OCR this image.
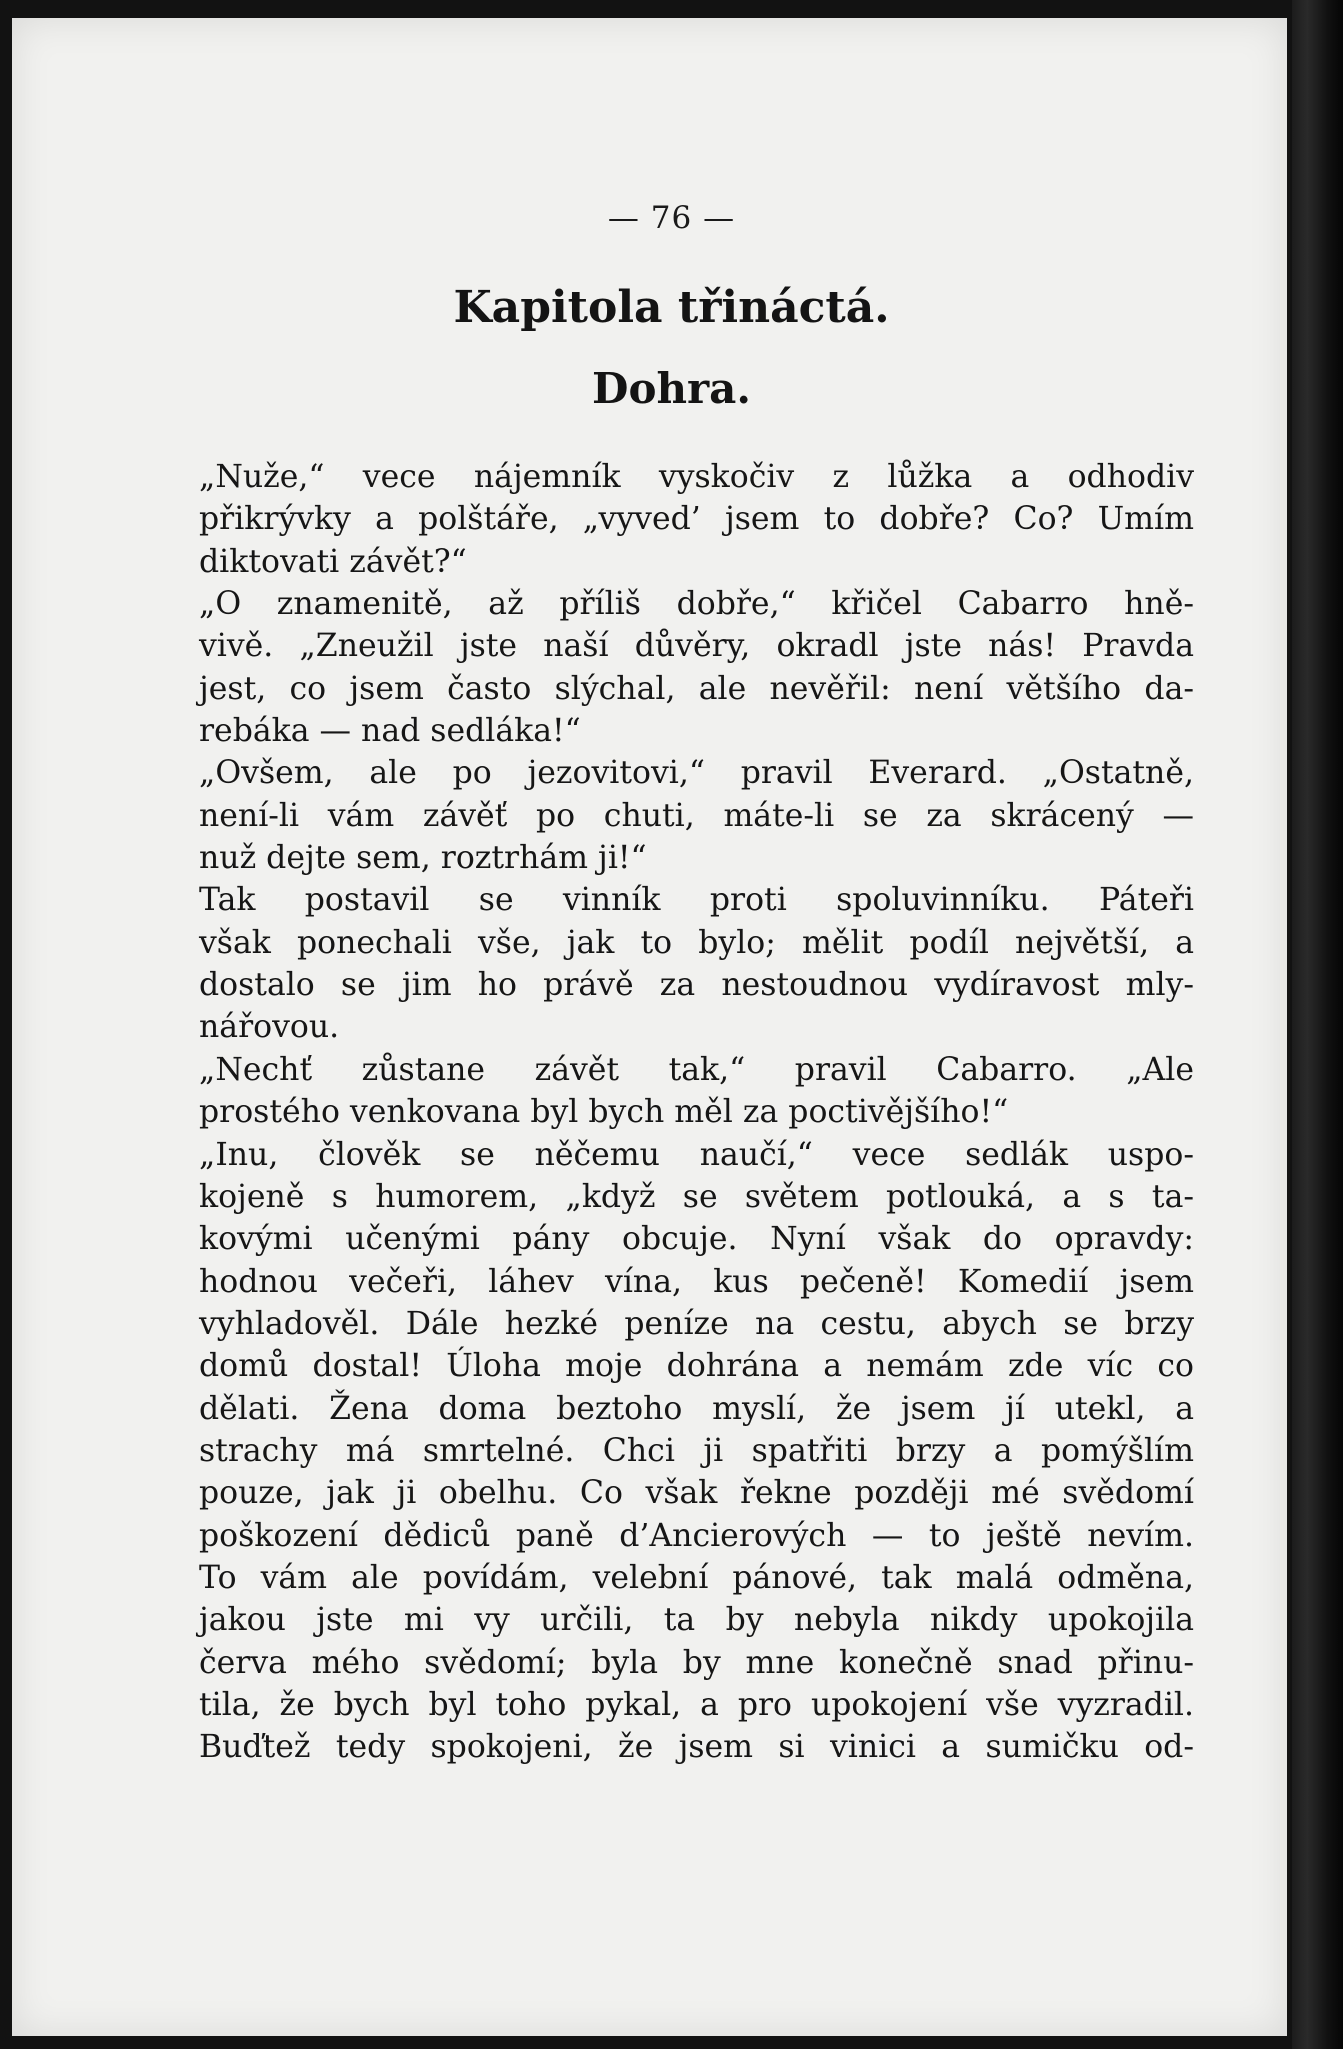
— 76 —
Kapitola třináctá.
Dohra.
„Nuže,“ vece nájemník vyskočiv z lůžka a odhodiv
přikrývky a polštáře, „vyved’ jsem to dobře? Co? Umím
diktovati závět?“
„O znamenitě, až příliš dobře,“ křičel Cabarro hně-
vivě. „Zneužil jste naší důvěry, okradl jste nás! Pravda
jest, co jsem často slýchal, ale nevěřil: není většího da-
rebáka — nad sedláka!“
„Ovšem, ale po jezovitovi,“ pravil Everard. „Ostatně,
není-li vám závěť po chuti, máte-li se za skrácený —
nuž dejte sem, roztrhám ji!“
Tak postavil se vinník proti spoluvinníku. Páteři
však ponechali vše, jak to bylo; mělit podíl největší, a
dostalo se jim ho právě za nestoudnou vydíravost mly-
nářovou.
„Nechť zůstane závět tak,“ pravil Cabarro. „Ale
prostého venkovana byl bych měl za poctivějšího!“
„Inu, člověk se něčemu naučí,“ vece sedlák uspo-
kojeně s humorem, „když se světem potlouká, a s ta-
kovými učenými pány obcuje. Nyní však do opravdy:
hodnou večeři, láhev vína, kus pečeně! Komedií jsem
vyhladověl. Dále hezké peníze na cestu, abych se brzy
domů dostal! Úloha moje dohrána a nemám zde víc co
dělati. Žena doma beztoho myslí, že jsem jí utekl, a
strachy má smrtelné. Chci ji spatřiti brzy a pomýšlím
pouze, jak ji obelhu. Co však řekne později mé svědomí
poškození dědiců paně d’Ancierových — to ještě nevím.
To vám ale povídám, velební pánové, tak malá odměna,
jakou jste mi vy určili, ta by nebyla nikdy upokojila
červa mého svědomí; byla by mne konečně snad přinu-
tila, že bych byl toho pykal, a pro upokojení vše vyzradil.
Buďtež tedy spokojeni, že jsem si vinici a sumičku od-
